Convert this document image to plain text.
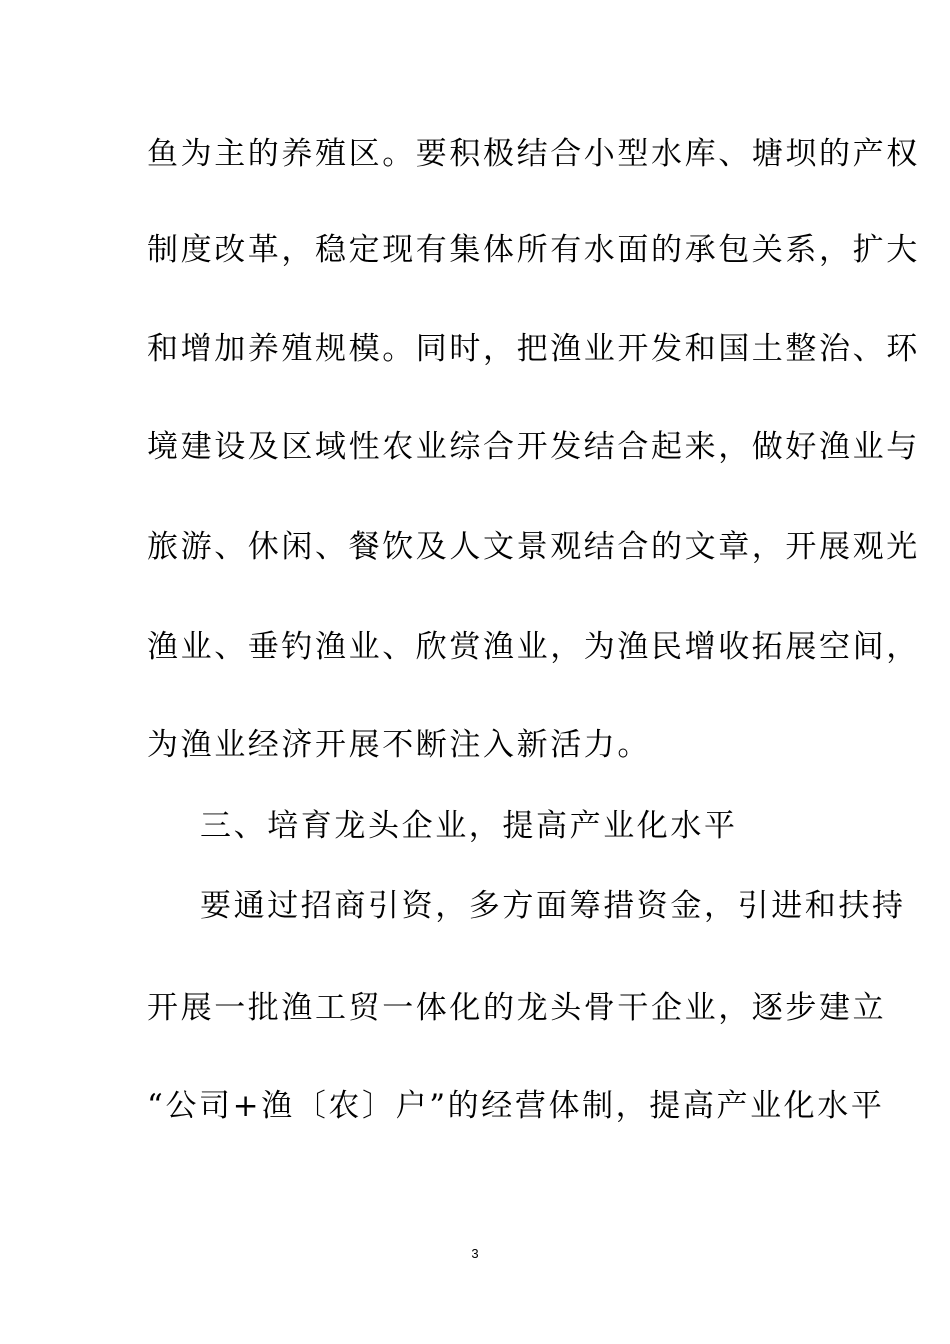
鱼为主的养殖区。要积极结合小型水库、塘坝的产权
制度改革，稳定现有集体所有水面的承包关系，扩大
和增加养殖规模。同时，把渔业开发和国土整治、环
境建设及区域性农业综合开发结合起来，做好渔业与
旅游、休闲、餐饮及人文景观结合的文章，开展观光
渔业、垂钓渔业、欣赏渔业，为渔民增收拓展空间，
为渔业经济开展不断注入新活力。
三、培育龙头企业，提高产业化水平
要通过招商引资，多方面筹措资金，引进和扶持
开展一批渔工贸一体化的龙头骨干企业，逐步建立
“公司+渔〔农〕户”的经营体制，提高产业化水平
3
